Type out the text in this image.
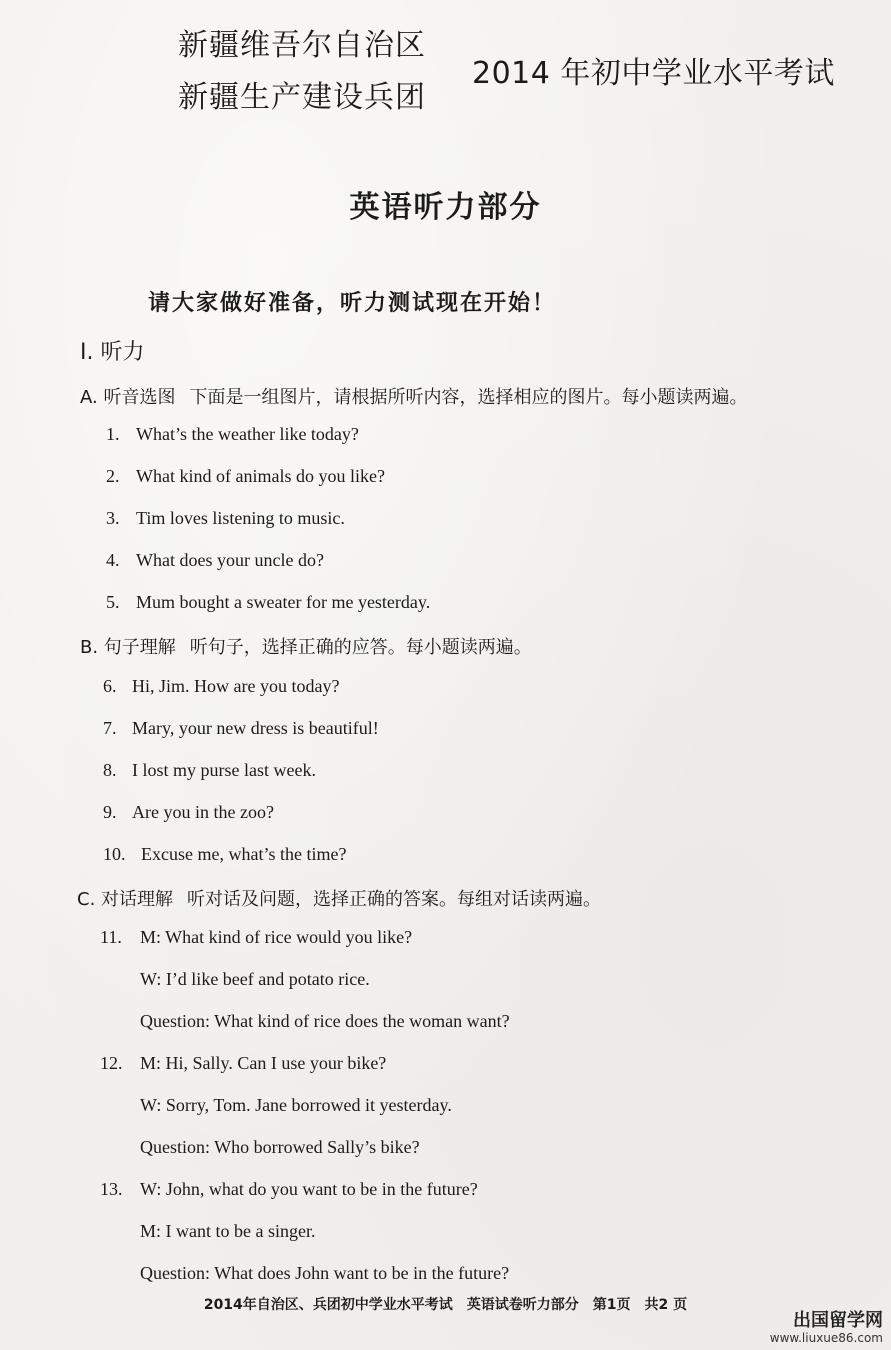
新疆维吾尔自治区
新疆生产建设兵团
2014 年初中学业水平考试
英语听力部分
请大家做好准备，听力测试现在开始！
I. 听力
A. 听音选图 下面是一组图片，请根据所听内容，选择相应的图片。每小题读两遍。
1. What’s the weather like today?
2. What kind of animals do you like?
3. Tim loves listening to music.
4. What does your uncle do?
5. Mum bought a sweater for me yesterday.
B. 句子理解 听句子，选择正确的应答。每小题读两遍。
6. Hi, Jim. How are you today?
7. Mary, your new dress is beautiful!
8. I lost my purse last week.
9. Are you in the zoo?
10. Excuse me, what’s the time?
C. 对话理解 听对话及问题，选择正确的答案。每组对话读两遍。
11. M: What kind of rice would you like?
W: I’d like beef and potato rice.
Question: What kind of rice does the woman want?
12. M: Hi, Sally. Can I use your bike?
W: Sorry, Tom. Jane borrowed it yesterday.
Question: Who borrowed Sally’s bike?
13. W: John, what do you want to be in the future?
M: I want to be a singer.
Question: What does John want to be in the future?
2014年自治区、兵团初中学业水平考试　英语试卷听力部分　第1页　共2 页
出国留学网
www.liuxue86.com
